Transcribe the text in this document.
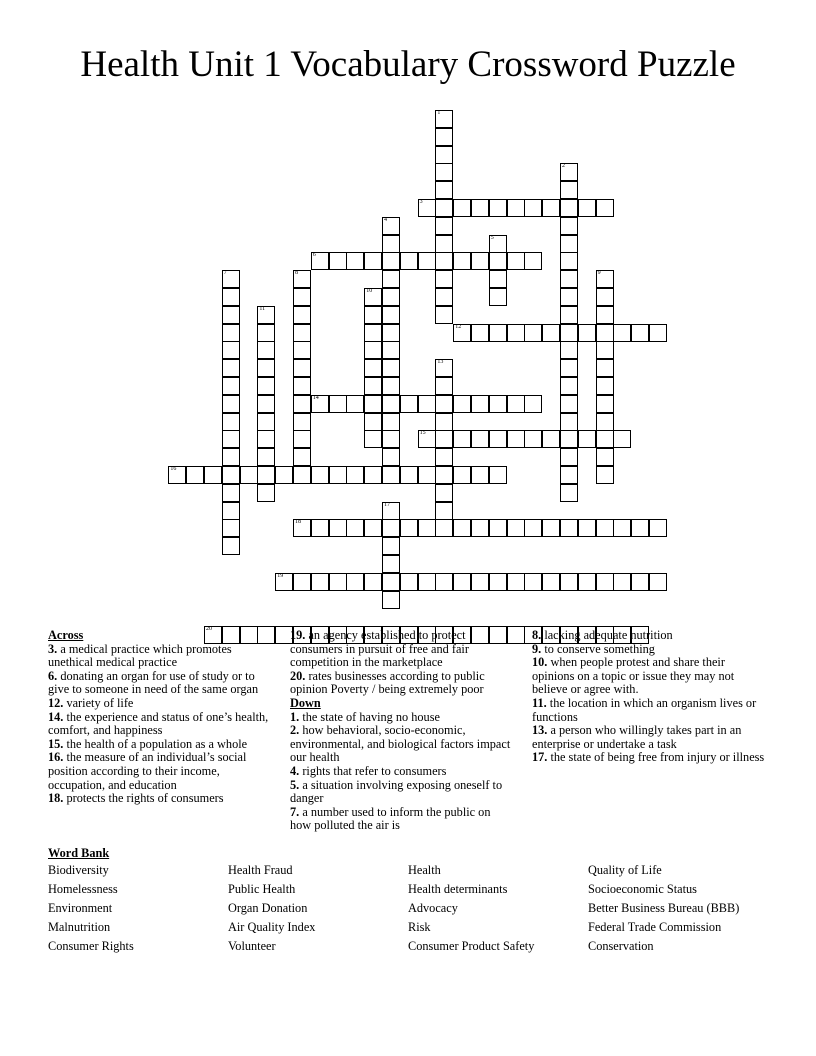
Health Unit 1 Vocabulary Crossword Puzzle
1
2
3
4
5
6
7	8	9
10
11
12
13
14
15
16
17
18
19
20

Across

3. a medical practice which promotes unethical medical practice

6. donating an organ for use of study or to give to someone in need of the same organ

12. variety of life

14. the experience and status of one’s health, comfort, and happiness

15. the health of a population as a whole

16. the measure of an individual’s social position according to their income, occupation, and education

18. protects the rights of consumers

19. an agency established to protect consumers in pursuit of free and fair competition in the marketplace

20. rates businesses according to public opinion Poverty / being extremely poor

Down

1. the state of having no house

2. how behavioral, socio-economic, environmental, and biological factors impact our health

4. rights that refer to consumers

5. a situation involving exposing oneself to danger

7. a number used to inform the public on how polluted the air is

8. lacking adequate nutrition

9. to conserve something

10. when people protest and share their opinions on a topic or issue they may not believe or agree with.

11. the location in which an organism lives or functions

13. a person who willingly takes part in an enterprise or undertake a task

17. the state of being free from injury or illness

Word Bank
Biodiversity
Homelessness
Environment
Malnutrition
Consumer Rights
Health Fraud
Public Health
Organ Donation
Air Quality Index
Volunteer
Health
Health determinants
Advocacy
Risk
Consumer Product Safety
Quality of Life
Socioeconomic Status
Better Business Bureau (BBB)
Federal Trade Commission
Conservation
